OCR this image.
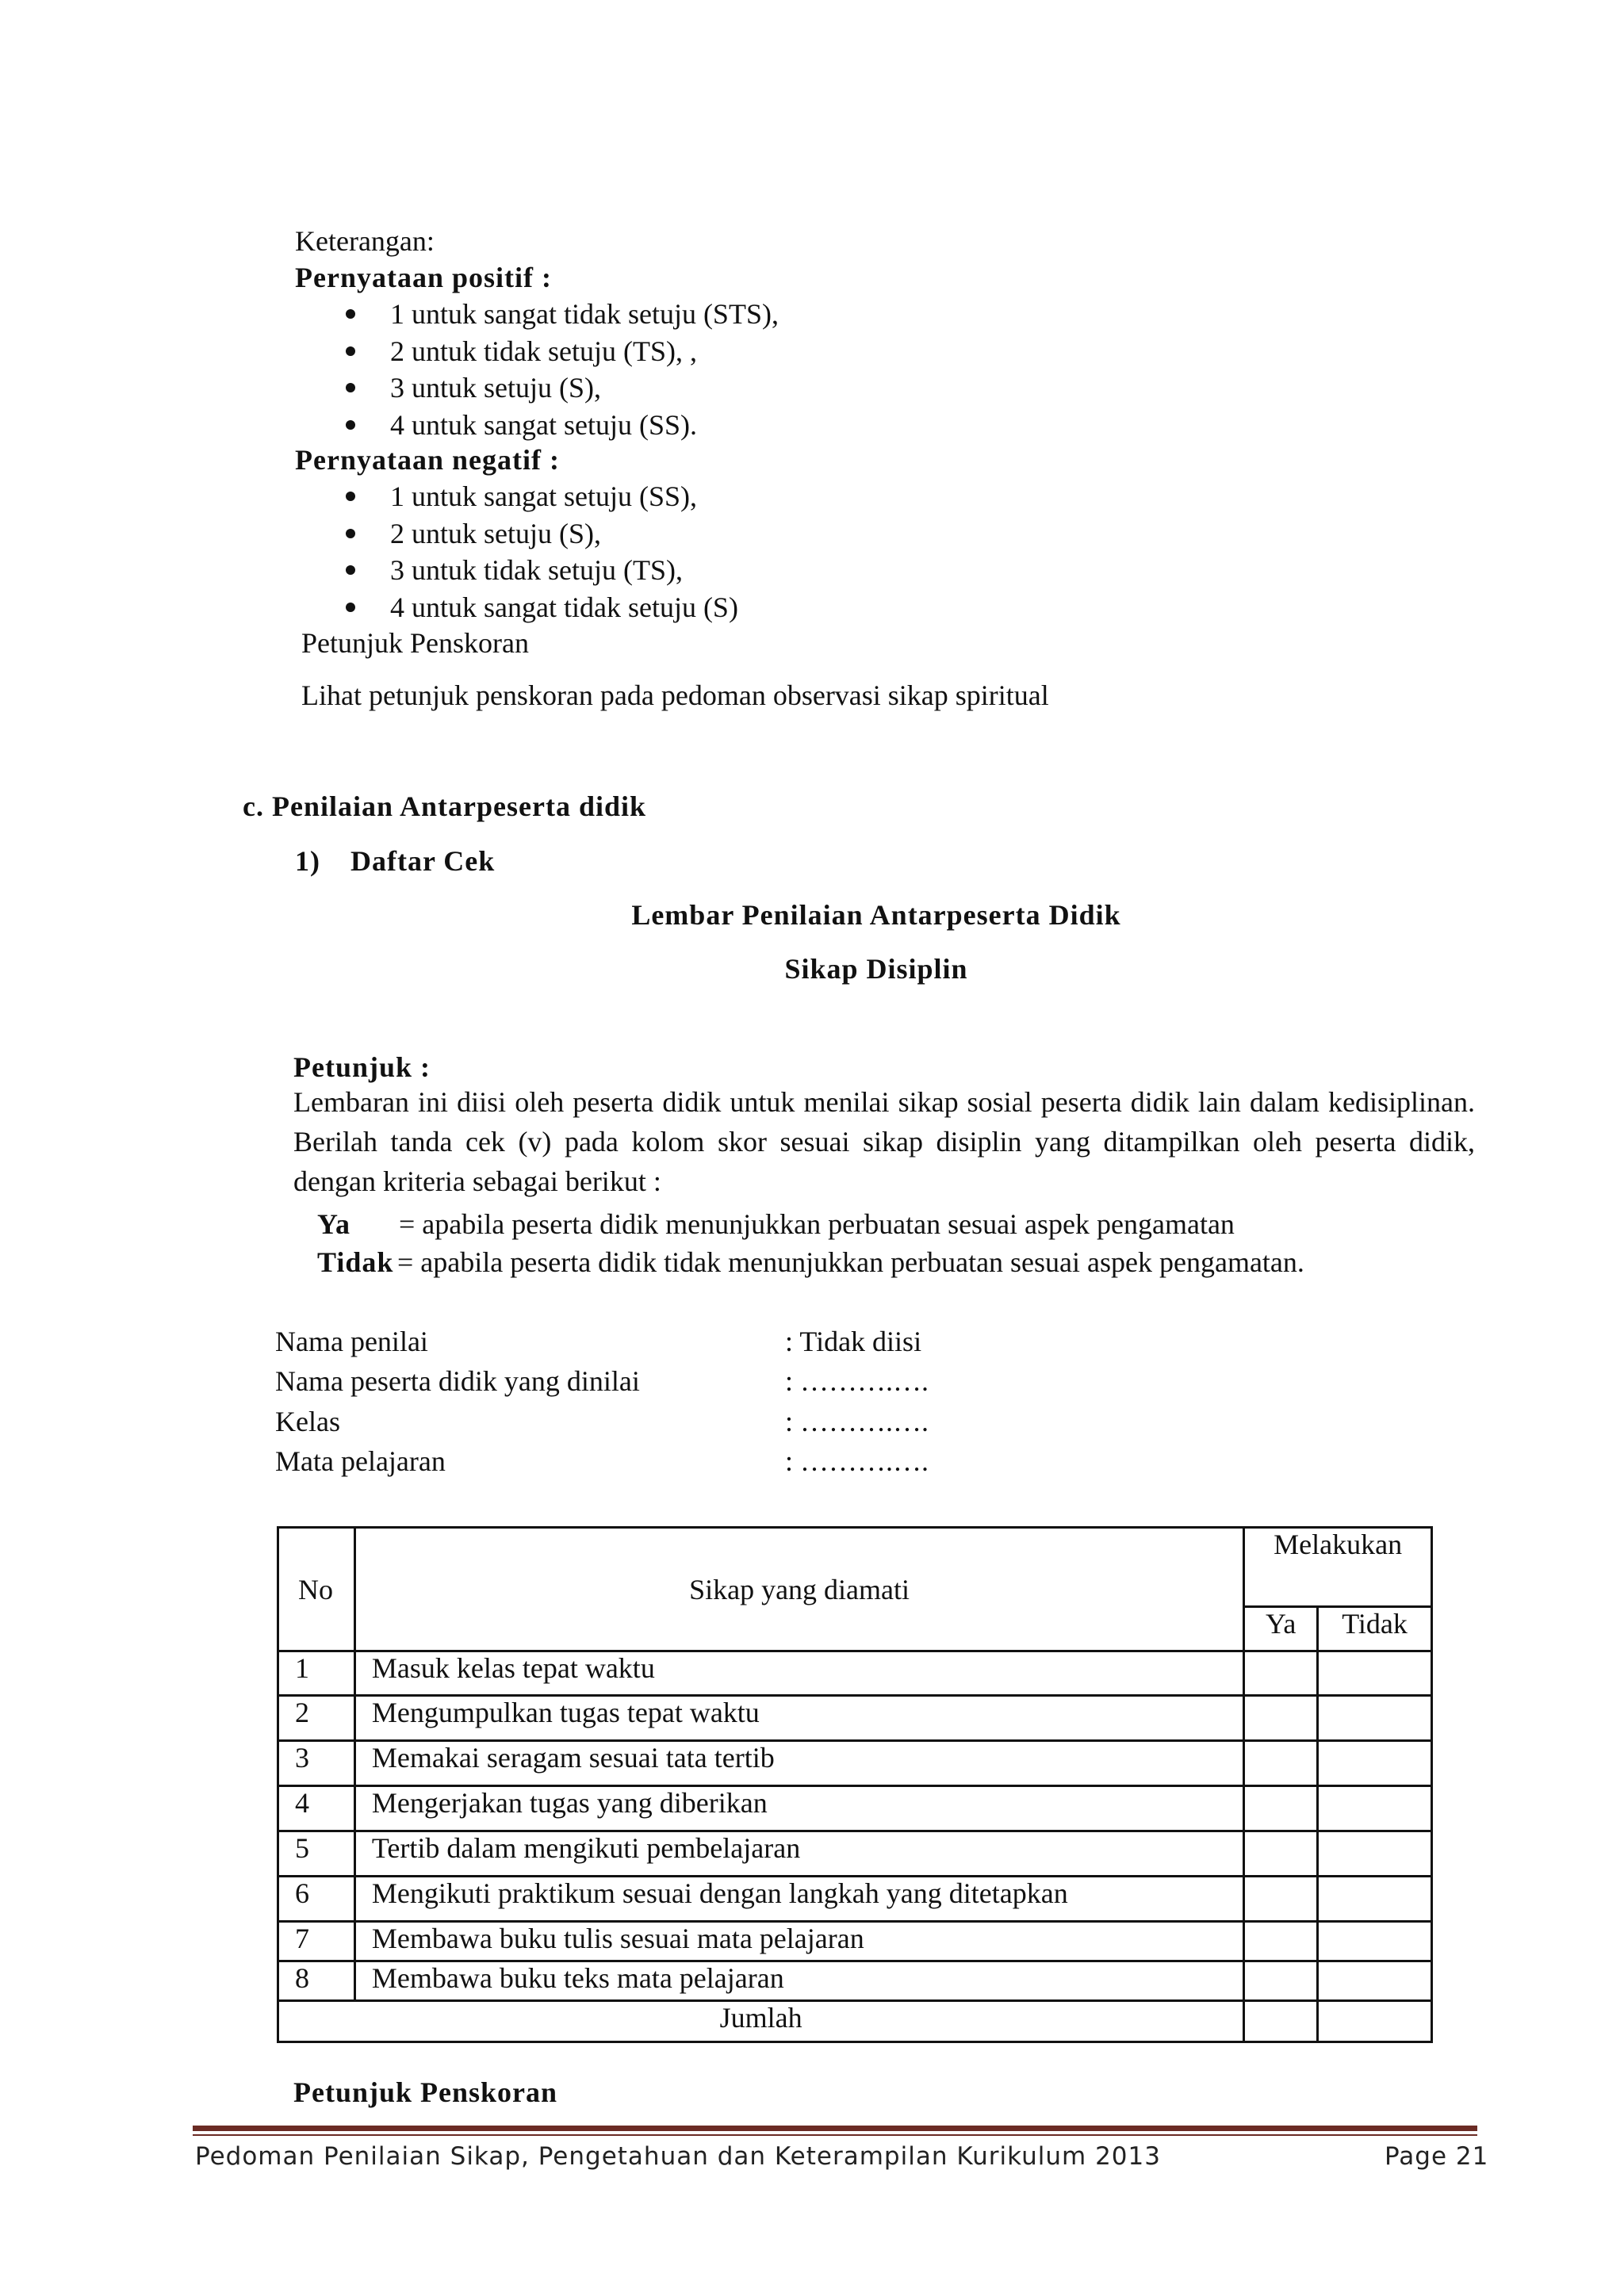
Keterangan:
Pernyataan positif :
1 untuk sangat tidak setuju (STS),
2 untuk tidak setuju (TS), ,
3 untuk setuju (S),
4 untuk sangat setuju (SS).
Pernyataan negatif :
1 untuk sangat setuju (SS),
2 untuk setuju (S),
3 untuk tidak setuju (TS),
4 untuk sangat tidak setuju (S)
Petunjuk Penskoran
Lihat petunjuk penskoran pada pedoman observasi sikap spiritual
c. Penilaian Antarpeserta didik
1) Daftar Cek
Lembar Penilaian Antarpeserta Didik
Sikap Disiplin
Petunjuk :
Lembaran ini diisi oleh peserta didik untuk menilai sikap sosial peserta didik lain dalam kedisiplinan. Berilah tanda cek (v) pada kolom skor sesuai sikap disiplin yang ditampilkan oleh peserta didik, dengan kriteria sebagai berikut :
Ya = apabila peserta didik menunjukkan perbuatan sesuai aspek pengamatan
Tidak = apabila peserta didik tidak menunjukkan perbuatan sesuai aspek pengamatan.
Nama penilai	: Tidak diisi
Nama peserta didik yang dinilai	: ……….….
Kelas	: ……….….
Mata pelajaran	: ……….….
No	Sikap yang diamati	Melakukan	
		Ya	Tidak
1	Masuk kelas tepat waktu		
2	Mengumpulkan tugas tepat waktu		
3	Memakai seragam sesuai tata tertib		
4	Mengerjakan tugas yang diberikan		
5	Tertib dalam mengikuti pembelajaran		
6	Mengikuti praktikum sesuai dengan langkah yang ditetapkan		
7	Membawa buku tulis sesuai mata pelajaran		
8	Membawa buku teks mata pelajaran		
Jumlah			
Petunjuk Penskoran
Pedoman Penilaian Sikap, Pengetahuan dan Keterampilan Kurikulum 2013	Page 21
